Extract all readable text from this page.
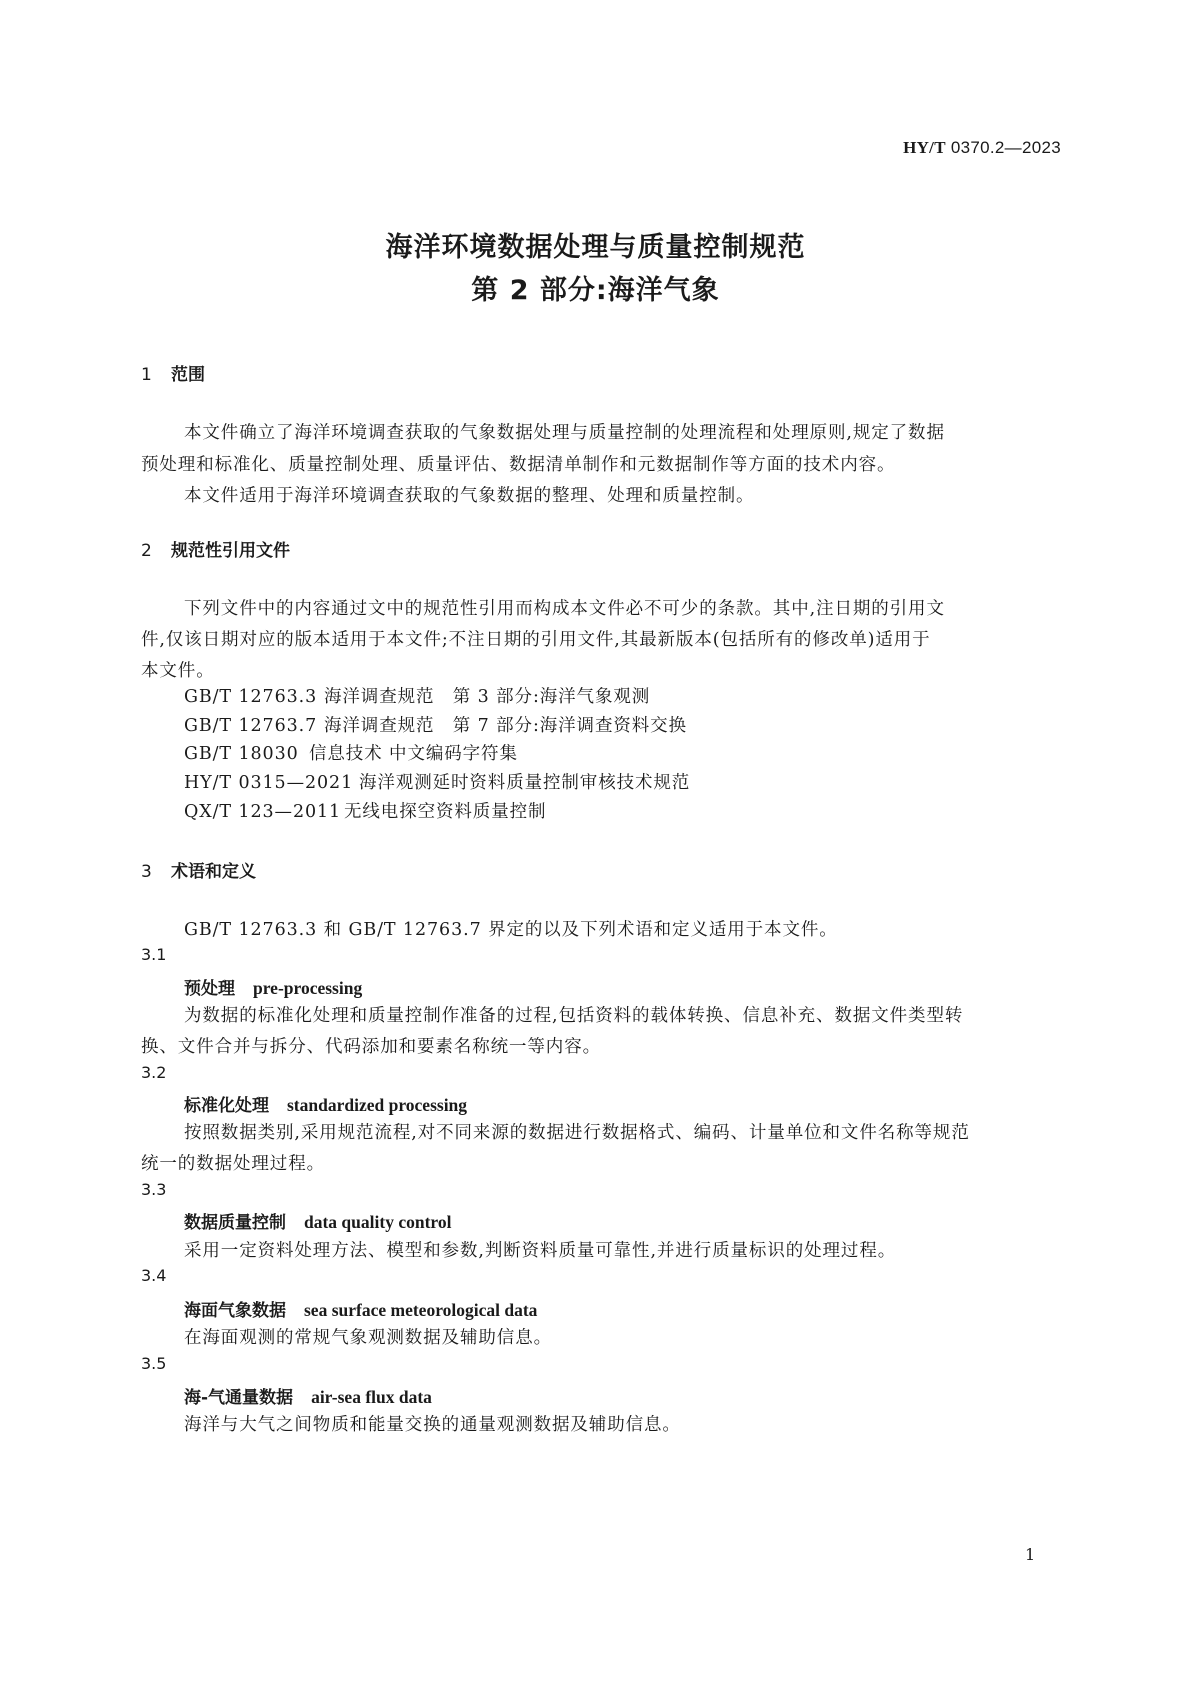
HY/T 0370.2—2023
海洋环境数据处理与质量控制规范
第 2 部分:海洋气象
1 范围
本文件确立了海洋环境调查获取的气象数据处理与质量控制的处理流程和处理原则,规定了数据
预处理和标准化、质量控制处理、质量评估、数据清单制作和元数据制作等方面的技术内容。
本文件适用于海洋环境调查获取的气象数据的整理、处理和质量控制。
2 规范性引用文件
下列文件中的内容通过文中的规范性引用而构成本文件必不可少的条款。其中,注日期的引用文
件,仅该日期对应的版本适用于本文件;不注日期的引用文件,其最新版本(包括所有的修改单)适用于
本文件。
GB/T 12763.3 海洋调查规范　第 3 部分:海洋气象观测
GB/T 12763.7 海洋调查规范　第 7 部分:海洋调查资料交换
GB/T 18030 信息技术 中文编码字符集
HY/T 0315—2021 海洋观测延时资料质量控制审核技术规范
QX/T 123—2011 无线电探空资料质量控制
3 术语和定义
GB/T 12763.3 和 GB/T 12763.7 界定的以及下列术语和定义适用于本文件。
3.1
预处理 pre-processing
为数据的标准化处理和质量控制作准备的过程,包括资料的载体转换、信息补充、数据文件类型转
换、文件合并与拆分、代码添加和要素名称统一等内容。
3.2
标准化处理 standardized processing
按照数据类别,采用规范流程,对不同来源的数据进行数据格式、编码、计量单位和文件名称等规范
统一的数据处理过程。
3.3
数据质量控制 data quality control
采用一定资料处理方法、模型和参数,判断资料质量可靠性,并进行质量标识的处理过程。
3.4
海面气象数据 sea surface meteorological data
在海面观测的常规气象观测数据及辅助信息。
3.5
海-气通量数据 air-sea flux data
海洋与大气之间物质和能量交换的通量观测数据及辅助信息。
1
